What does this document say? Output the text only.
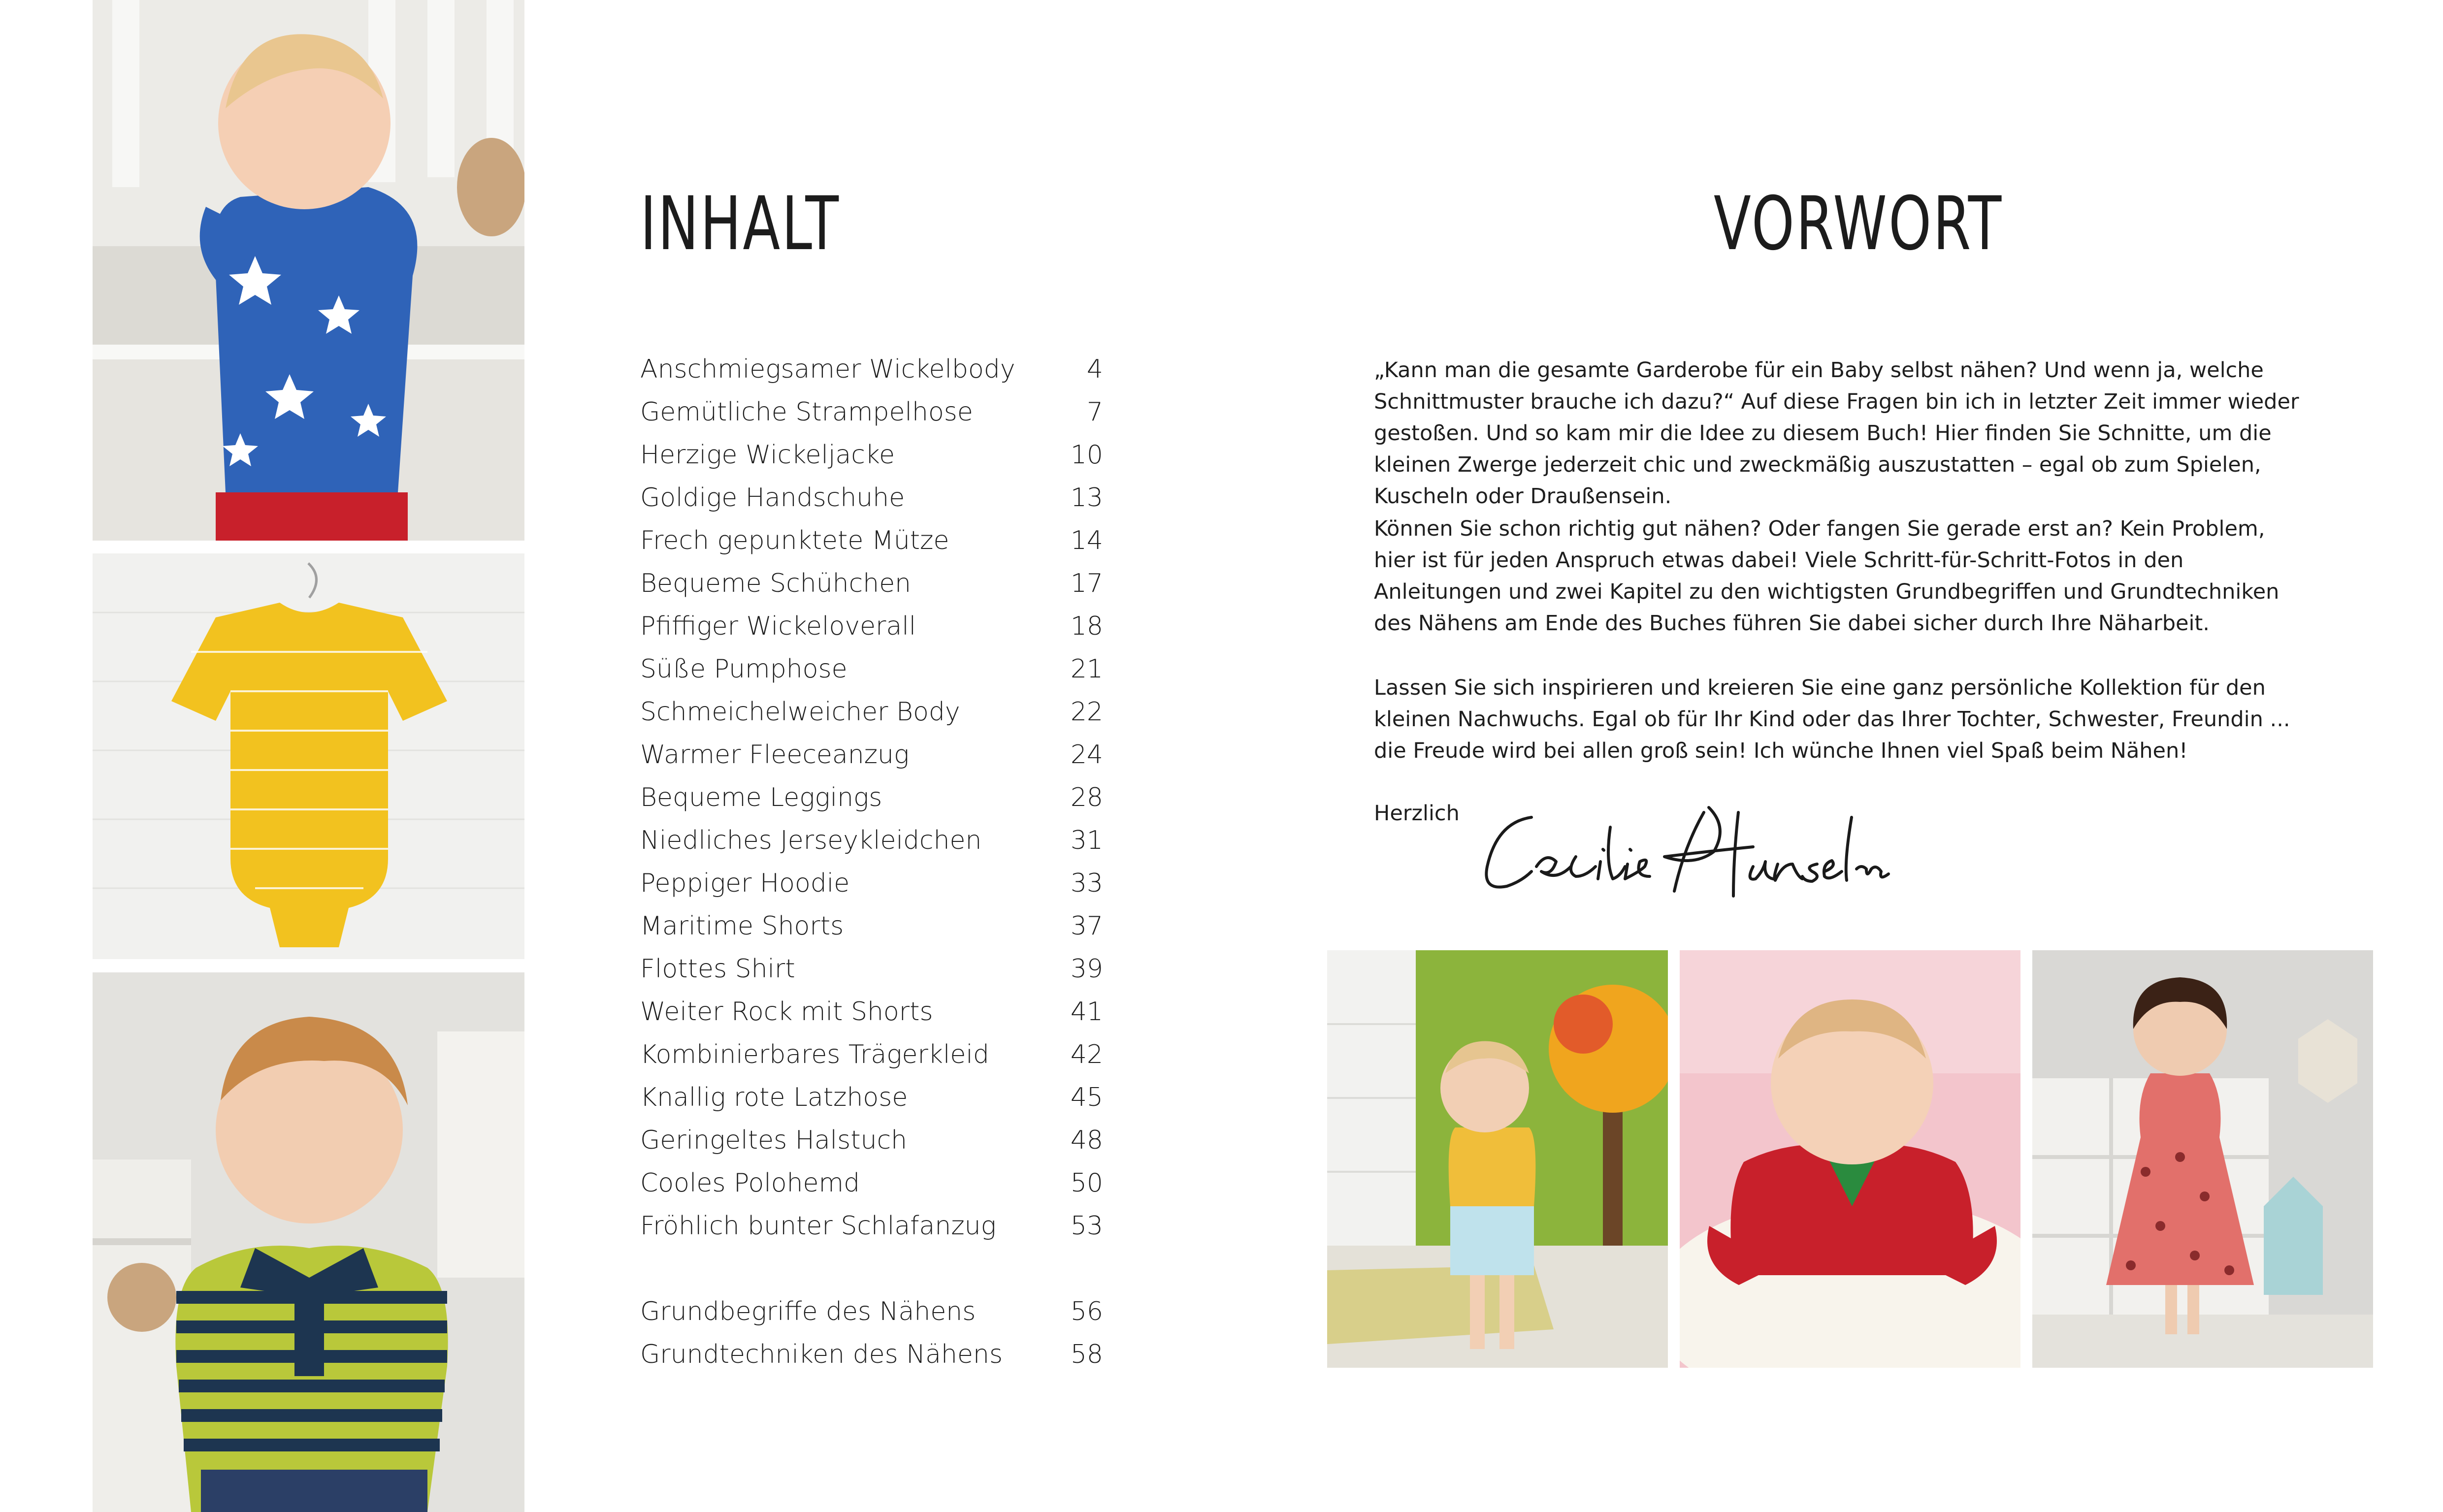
INHALT
Anschmiegsamer Wickelbody	4
Gemütliche Strampelhose	7
Herzige Wickeljacke	10
Goldige Handschuhe	13
Frech gepunktete Mütze	14
Bequeme Schühchen	17
Pfiffiger Wickeloverall	18
Süße Pumphose	21
Schmeichelweicher Body	22
Warmer Fleeceanzug	24
Bequeme Leggings	28
Niedliches Jerseykleidchen	31
Peppiger Hoodie	33
Maritime Shorts	37
Flottes Shirt	39
Weiter Rock mit Shorts	41
Kombinierbares Trägerkleid	42
Knallig rote Latzhose	45
Geringeltes Halstuch	48
Cooles Polohemd	50
Fröhlich bunter Schlafanzug	53
Grundbegriffe des Nähens	56
Grundtechniken des Nähens	58
VORWORT

„Kann man die gesamte Garderobe für ein Baby selbst nähen? Und wenn ja, welche Schnittmuster brauche ich dazu?“ Auf diese Fragen bin ich in letzter Zeit immer wieder gestoßen. Und so kam mir die Idee zu diesem Buch! Hier finden Sie Schnitte, um die kleinen Zwerge jederzeit chic und zweckmäßig auszustatten – egal ob zum Spielen, Kuscheln oder Draußensein.

Können Sie schon richtig gut nähen? Oder fangen Sie gerade erst an? Kein Problem, hier ist für jeden Anspruch etwas dabei! Viele Schritt-für-Schritt-Fotos in den Anleitungen und zwei Kapitel zu den wichtigsten Grundbegriffen und Grundtechniken des Nähens am Ende des Buches führen Sie dabei sicher durch Ihre Näharbeit.

Lassen Sie sich inspirieren und kreieren Sie eine ganz persönliche Kollektion für den kleinen Nachwuchs. Egal ob für Ihr Kind oder das Ihrer Tochter, Schwester, Freundin ... die Freude wird bei allen groß sein! Ich wünche Ihnen viel Spaß beim Nähen!

Herzlich
